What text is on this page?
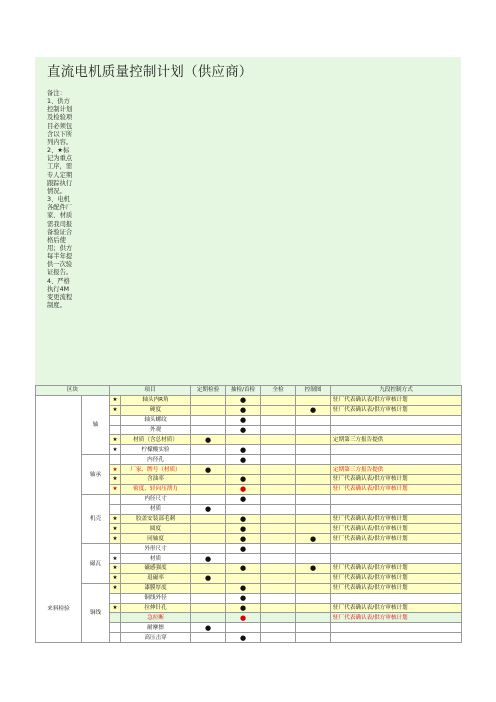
直流电机质量控制计划（供应商）
备注：1、供方控制计划及检验项目必须包含以下所列内容。2、★标记为重点工序，需专人定期跟踪执行情况。3、电机各配件厂家、材质需我司报备验证合格后使用；供方每半年提供一次验证报告。4、严格执行4M变更流程制度。
区块		项目		定期检验	抽检/首检	全检	控制图	九段控制方式
来料检验	轴	★	轴头内R角		●			驻厂代表确认表/供方审核计划
		★	硬度		●		●	驻厂代表确认表/供方审核计划
			轴头螺纹		●			
			外观		●			
		★	材质（含总材质）	●				定期第三方报告提供
		★	柠檬酸实验		●			
	轴承		内径孔		●			
		★	厂家、牌号（材质）	●				定期第三方报告提供
		★	含油率		●			驻厂代表确认表/供方审核计划
		★	密度、轻向压溃力		●			驻厂代表确认表/供方审核计划
	机壳		内径尺寸		●			
			材质	●				
		★	胶盖安装部毛刺		●			驻厂代表确认表/供方审核计划
		★	圆度		●			驻厂代表确认表/供方审核计划
		★	同轴度		●		●	驻厂代表确认表/供方审核计划
	磁瓦		外形尺寸		●			
		★	材质	●				
		★	磁感强度		●		●	驻厂代表确认表/供方审核计划
		★	退磁率	●				驻厂代表确认表/供方审核计划
	铜线	★	漆膜厚度		●			驻厂代表确认表/供方审核计划
			铜线外径		●			
		★	拉伸针孔		●			驻厂代表确认表/供方审核计划
			急拉断		●			驻厂代表确认表/供方审核计划
			耐摩擦	●				
			高压击穿		●			
